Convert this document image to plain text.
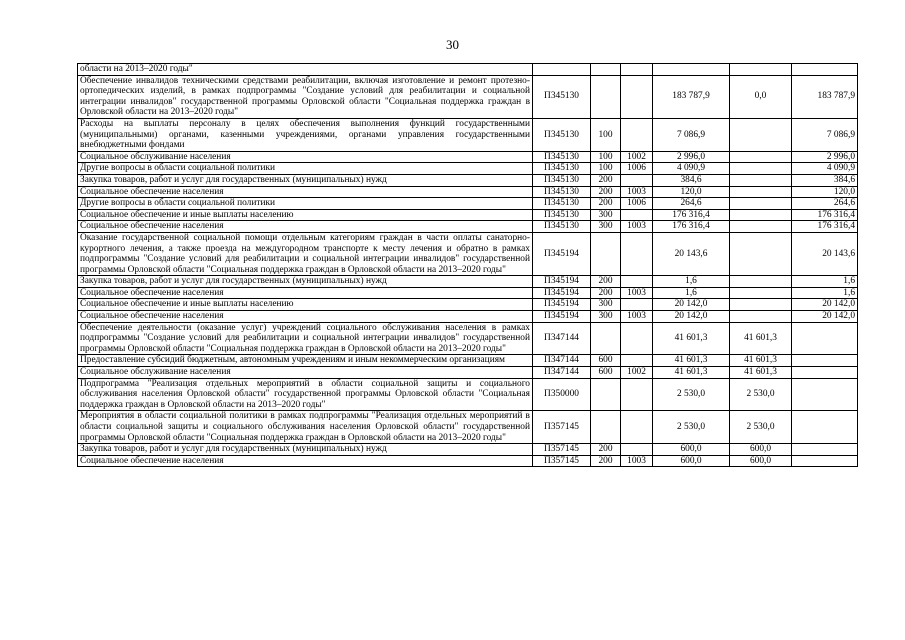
30
области на 2013–2020 годы"						
Обеспечение инвалидов техническими средствами реабилитации, включая изготовление и ремонт протезно-ортопедических изделий, в рамках подпрограммы "Создание условий для реабилитации и социальной интеграции инвалидов" государственной программы Орловской области "Социальная поддержка граждан в Орловской области на 2013–2020 годы"	П345130			183 787,9	0,0	183 787,9
Расходы на выплаты персоналу в целях обеспечения выполнения функций государственными (муниципальными) органами, казенными учреждениями, органами управления государственными внебюджетными фондами	П345130	100		7 086,9		7 086,9
Социальное обслуживание населения	П345130	100	1002	2 996,0		2 996,0
Другие вопросы в области социальной политики	П345130	100	1006	4 090,9		4 090,9
Закупка товаров, работ и услуг для государственных (муниципальных) нужд	П345130	200		384,6		384,6
Социальное обеспечение населения	П345130	200	1003	120,0		120,0
Другие вопросы в области социальной политики	П345130	200	1006	264,6		264,6
Социальное обеспечение и иные выплаты населению	П345130	300		176 316,4		176 316,4
Социальное обеспечение населения	П345130	300	1003	176 316,4		176 316,4
Оказание государственной социальной помощи отдельным категориям граждан в части оплаты санаторно-курортного лечения, а также проезда на междугородном транспорте к месту лечения и обратно в рамках подпрограммы "Создание условий для реабилитации и социальной интеграции инвалидов" государственной программы Орловской области "Социальная поддержка граждан в Орловской области на 2013–2020 годы"	П345194			20 143,6		20 143,6
Закупка товаров, работ и услуг для государственных (муниципальных) нужд	П345194	200		1,6		1,6
Социальное обеспечение населения	П345194	200	1003	1,6		1,6
Социальное обеспечение и иные выплаты населению	П345194	300		20 142,0		20 142,0
Социальное обеспечение населения	П345194	300	1003	20 142,0		20 142,0
Обеспечение деятельности (оказание услуг) учреждений социального обслуживания населения в рамках подпрограммы "Создание условий для реабилитации и социальной интеграции инвалидов" государственной программы Орловской области "Социальная поддержка граждан в Орловской области на 2013–2020 годы"	П347144			41 601,3	41 601,3	
Предоставление субсидий бюджетным, автономным учреждениям и иным некоммерческим организациям	П347144	600		41 601,3	41 601,3	
Социальное обслуживание населения	П347144	600	1002	41 601,3	41 601,3	
Подпрограмма "Реализация отдельных мероприятий в области социальной защиты и социального обслуживания населения Орловской области" государственной программы Орловской области "Социальная поддержка граждан в Орловской области на 2013–2020 годы"	П350000			2 530,0	2 530,0	
Мероприятия в области социальной политики в рамках подпрограммы "Реализация отдельных мероприятий в области социальной защиты и социального обслуживания населения Орловской области" государственной программы Орловской области "Социальная поддержка граждан в Орловской области на 2013–2020 годы"	П357145			2 530,0	2 530,0	
Закупка товаров, работ и услуг для государственных (муниципальных) нужд	П357145	200		600,0	600,0	
Социальное обеспечение населения	П357145	200	1003	600,0	600,0	
